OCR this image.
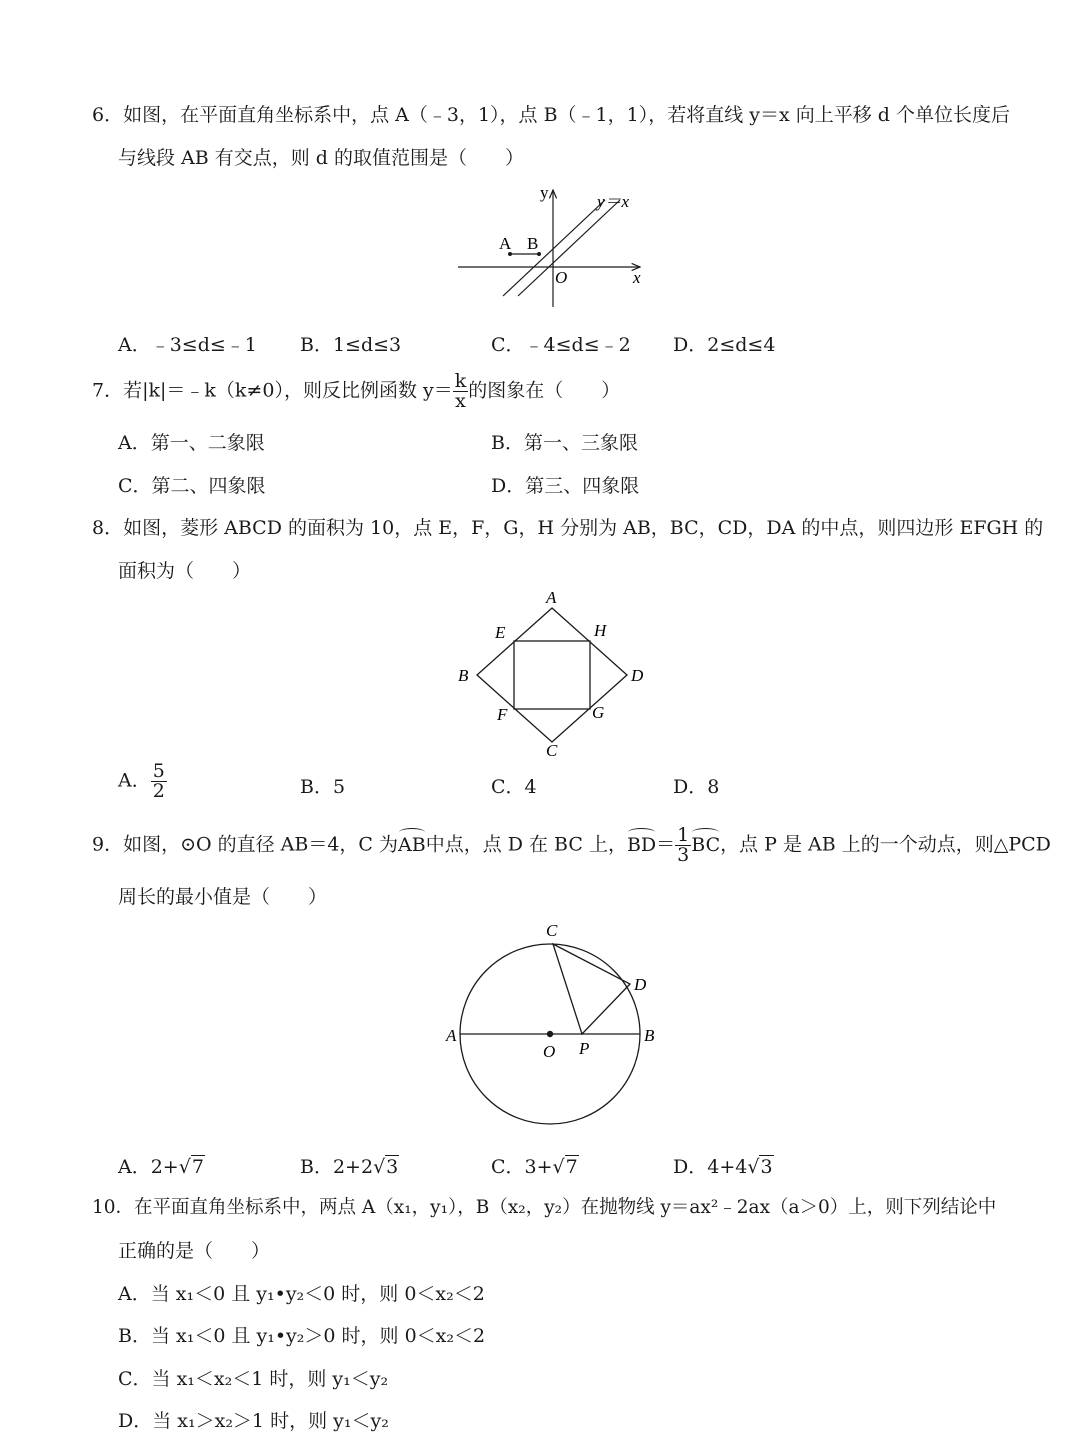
6．如图，在平面直角坐标系中，点 A（﹣3，1），点 B（﹣1，1），若将直线 y＝x 向上平移 d 个单位长度后
与线段 AB 有交点，则 d 的取值范围是（　　）
y	y＝x
A B
O	x
A．﹣3≤d≤﹣1 B．1≤d≤3	C．﹣4≤d≤﹣2 D．2≤d≤4
7．若|k|＝﹣k（k≠0），则反比例函数 $y= \frac{k}{x}$ 的图象在（　　）
A．第一、二象限	B．第一、三象限
C．第二、四象限	D．第三、四象限
8．如图，菱形 ABCD 的面积为 10，点 E，F，G，H 分别为 AB，BC，CD，DA 的中点，则四边形 EFGH 的
面积为（　　）
A
B
C
D
E
F	G
H
A． $\frac{5}{2}$	B．5	C．4	D．8
9．如图，⊙O 的直径 AB＝4，C 为AB中点，点 D 在 BC 上，$BD= \frac{1}{3}$ BC，点 P 是 AB 上的一个动点，则△PCD
周长的最小值是（　　）
C
D
A	B
O P
A．2+√7	B．2+2√3	C．3+√7	D．4+4√3
10．在平面直角坐标系中，两点 A（x₁，y₁），B（x₂，y₂）在抛物线 y＝ax²﹣2ax（a＞0）上，则下列结论中
正确的是（　　）
A．当 x₁＜0 且 y₁•y₂＜0 时，则 0＜x₂＜2
B．当 x₁＜0 且 y₁•y₂＞0 时，则 0＜x₂＜2
C．当 x₁＜x₂＜1 时，则 y₁＜y₂
D．当 x₁＞x₂＞1 时，则 y₁＜y₂
